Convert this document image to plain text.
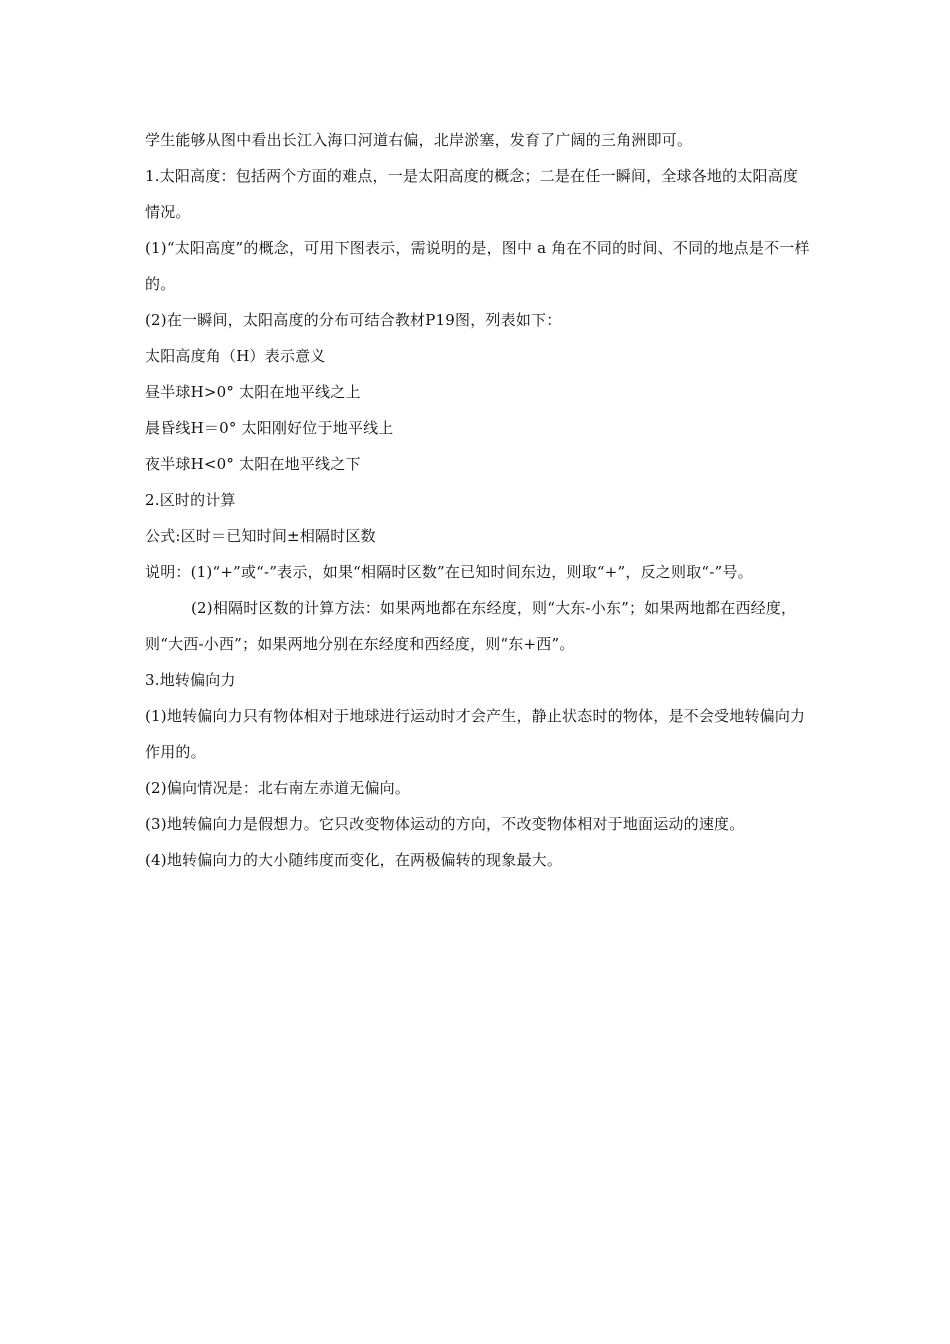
学生能够从图中看出长江入海口河道右偏，北岸淤塞，发育了广阔的三角洲即可。

1.太阳高度：包括两个方面的难点，一是太阳高度的概念；二是在任一瞬间，全球各地的太阳高度情况。

(1)“太阳高度”的概念，可用下图表示，需说明的是，图中 a 角在不同的时间、不同的地点是不一样的。

(2)在一瞬间，太阳高度的分布可结合教材P19图，列表如下：

太阳高度角（H）表示意义

昼半球H>0° 太阳在地平线之上

晨昏线H＝0° 太阳刚好位于地平线上

夜半球H<0° 太阳在地平线之下

2.区时的计算

公式:区时＝已知时间±相隔时区数

说明：(1)“+”或“-”表示，如果“相隔时区数”在已知时间东边，则取“+”，反之则取“-”号。

(2)相隔时区数的计算方法：如果两地都在东经度，则“大东-小东”；如果两地都在西经度，则“大西-小西”；如果两地分别在东经度和西经度，则“东+西”。

3.地转偏向力

(1)地转偏向力只有物体相对于地球进行运动时才会产生，静止状态时的物体，是不会受地转偏向力作用的。

(2)偏向情况是：北右南左赤道无偏向。

(3)地转偏向力是假想力。它只改变物体运动的方向，不改变物体相对于地面运动的速度。

(4)地转偏向力的大小随纬度而变化，在两极偏转的现象最大。
